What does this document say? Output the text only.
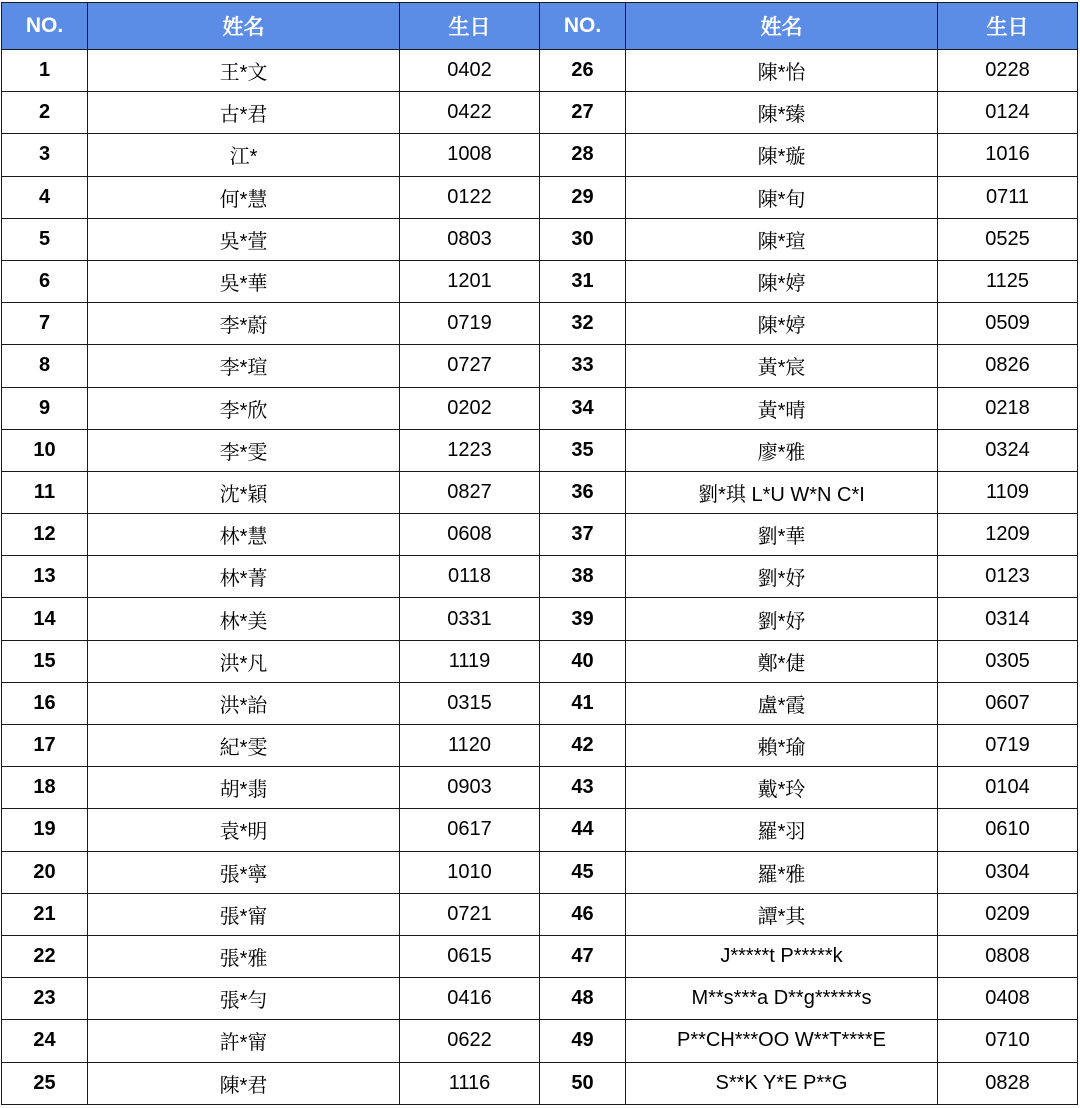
NO.	姓名	生日	NO.	姓名	生日
1	王*文	0402	26	陳*怡	0228
2	古*君	0422	27	陳*臻	0124
3	江*	1008	28	陳*璇	1016
4	何*慧	0122	29	陳*旬	0711
5	吳*萱	0803	30	陳*瑄	0525
6	吳*華	1201	31	陳*婷	1125
7	李*蔚	0719	32	陳*婷	0509
8	李*瑄	0727	33	黃*宸	0826
9	李*欣	0202	34	黃*晴	0218
10	李*雯	1223	35	廖*雅	0324
11	沈*穎	0827	36	劉*琪 L*U W*N C*I	1109
12	林*慧	0608	37	劉*華	1209
13	林*菁	0118	38	劉*妤	0123
14	林*美	0331	39	劉*妤	0314
15	洪*凡	1119	40	鄭*倢	0305
16	洪*詒	0315	41	盧*霞	0607
17	紀*雯	1120	42	賴*瑜	0719
18	胡*翡	0903	43	戴*玲	0104
19	袁*明	0617	44	羅*羽	0610
20	張*寧	1010	45	羅*雅	0304
21	張*甯	0721	46	譚*其	0209
22	張*雅	0615	47	J*****t P*****k	0808
23	張*勻	0416	48	M**s***a D**g******s	0408
24	許*甯	0622	49	P**CH***OO W**T****E	0710
25	陳*君	1116	50	S**K Y*E P**G	0828
